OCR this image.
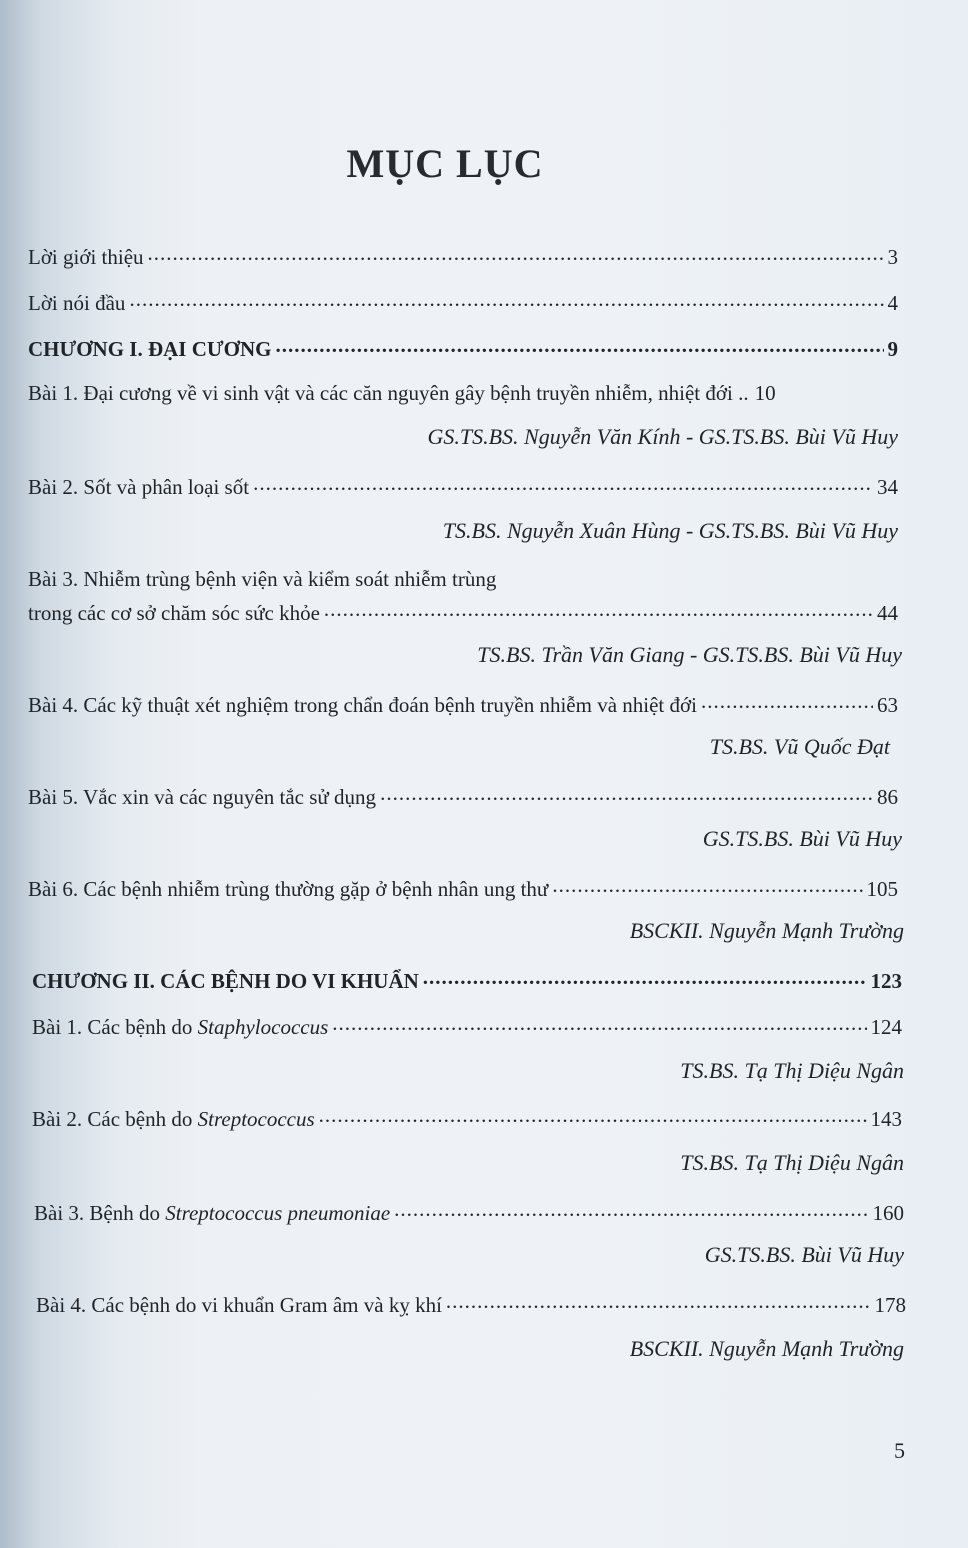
MỤC LỤC
Lời giới thiệu .....	3
Lời nói đầu .....	4
CHƯƠNG I. ĐẠI CƯƠNG .....	9
Bài 1. Đại cương về vi sinh vật và các căn nguyên gây bệnh truyền nhiễm, nhiệt đới .. 10
GS.TS.BS. Nguyễn Văn Kính - GS.TS.BS. Bùi Vũ Huy
Bài 2. Sốt và phân loại sốt .....	34
TS.BS. Nguyễn Xuân Hùng - GS.TS.BS. Bùi Vũ Huy
Bài 3. Nhiễm trùng bệnh viện và kiểm soát nhiễm trùng
trong các cơ sở chăm sóc sức khỏe .....	44
TS.BS. Trần Văn Giang - GS.TS.BS. Bùi Vũ Huy
Bài 4. Các kỹ thuật xét nghiệm trong chẩn đoán bệnh truyền nhiễm và nhiệt đới .....	63
TS.BS. Vũ Quốc Đạt
Bài 5. Vắc xin và các nguyên tắc sử dụng .....	86
GS.TS.BS. Bùi Vũ Huy
Bài 6. Các bệnh nhiễm trùng thường gặp ở bệnh nhân ung thư .....	105
BSCKII. Nguyễn Mạnh Trường
CHƯƠNG II. CÁC BỆNH DO VI KHUẨN .....	123
Bài 1. Các bệnh do Staphylococcus .....	124
TS.BS. Tạ Thị Diệu Ngân
Bài 2. Các bệnh do Streptococcus .....	143
TS.BS. Tạ Thị Diệu Ngân
Bài 3. Bệnh do Streptococcus pneumoniae .....	160
GS.TS.BS. Bùi Vũ Huy
Bài 4. Các bệnh do vi khuẩn Gram âm và kỵ khí .....	178
BSCKII. Nguyễn Mạnh Trường
5
